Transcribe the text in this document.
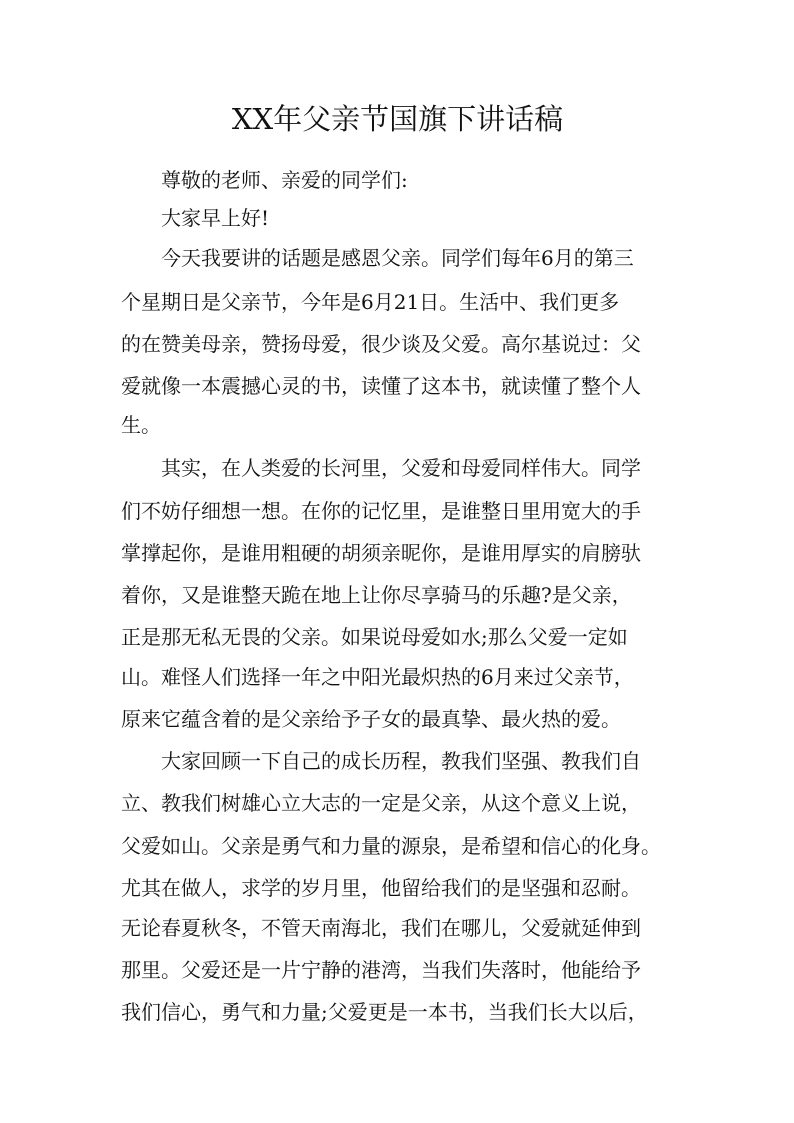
XX年父亲节国旗下讲话稿
尊敬的老师、亲爱的同学们:
大家早上好!
今天我要讲的话题是感恩父亲。同学们每年6月的第三
个星期日是父亲节，今年是6月21日。生活中、我们更多
的在赞美母亲，赞扬母爱，很少谈及父爱。高尔基说过：父
爱就像一本震撼心灵的书，读懂了这本书，就读懂了整个人
生。
其实，在人类爱的长河里，父爱和母爱同样伟大。同学
们不妨仔细想一想。在你的记忆里，是谁整日里用宽大的手
掌撑起你，是谁用粗硬的胡须亲昵你，是谁用厚实的肩膀驮
着你，又是谁整天跪在地上让你尽享骑马的乐趣?是父亲，
正是那无私无畏的父亲。如果说母爱如水;那么父爱一定如
山。难怪人们选择一年之中阳光最炽热的6月来过父亲节，
原来它蕴含着的是父亲给予子女的最真挚、最火热的爱。
大家回顾一下自己的成长历程，教我们坚强、教我们自
立、教我们树雄心立大志的一定是父亲，从这个意义上说，
父爱如山。父亲是勇气和力量的源泉，是希望和信心的化身。
尤其在做人，求学的岁月里，他留给我们的是坚强和忍耐。
无论春夏秋冬，不管天南海北，我们在哪儿，父爱就延伸到
那里。父爱还是一片宁静的港湾，当我们失落时，他能给予
我们信心，勇气和力量;父爱更是一本书，当我们长大以后，
